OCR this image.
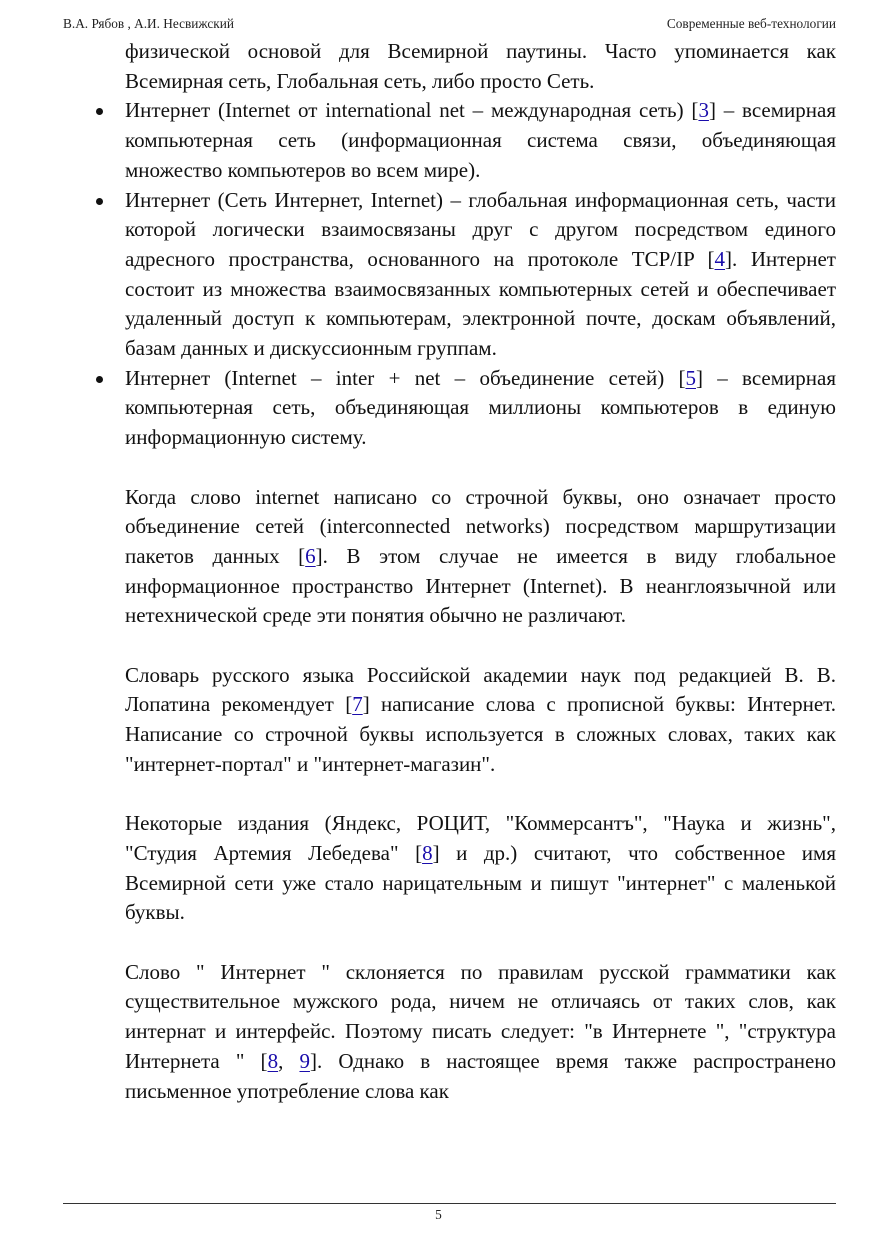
В.А. Рябов , А.И. Несвижский	Современные веб-технологии

физической основой для Всемирной паутины. Часто упоминается как Всемирная сеть, Глобальная сеть, либо просто Сеть.

Интернет (Internet от international net – международная сеть) [3] – всемирная компьютерная сеть (информационная система связи, объединяющая множество компьютеров во всем мире).
Интернет (Сеть Интернет, Internet) – глобальная информационная сеть, части которой логически взаимосвязаны друг с другом посредством единого адресного пространства, основанного на протоколе TCP/IP [4]. Интернет состоит из множества взаимосвязанных компьютерных сетей и обеспечивает удаленный доступ к компьютерам, электронной почте, доскам объявлений, базам данных и дискуссионным группам.
Интернет (Internet – inter + net – объединение сетей) [5] – всемирная компьютерная сеть, объединяющая миллионы компьютеров в единую информационную систему.

Когда слово internet написано со строчной буквы, оно означает просто объединение сетей (interconnected networks) посредством маршрутизации пакетов данных [6]. В этом случае не имеется в виду глобальное информационное пространство Интернет (Internet). В неанглоязычной или нетехнической среде эти понятия обычно не различают.

Словарь русского языка Российской академии наук под редакцией В. В. Лопатина рекомендует [7] написание слова с прописной буквы: Интернет. Написание со строчной буквы используется в сложных словах, таких как "интернет-портал" и "интернет-магазин".

Некоторые издания (Яндекс, РОЦИТ, "Коммерсантъ", "Наука и жизнь", "Студия Артемия Лебедева" [8] и др.) считают, что собственное имя Всемирной сети уже стало нарицательным и пишут "интернет" с маленькой буквы.

Слово " Интернет " склоняется по правилам русской грамматики как существительное мужского рода, ничем не отличаясь от таких слов, как интернат и интерфейс. Поэтому писать следует: "в Интернете ", "структура Интернета " [8, 9]. Однако в настоящее время также распространено письменное употребление слова как

5
